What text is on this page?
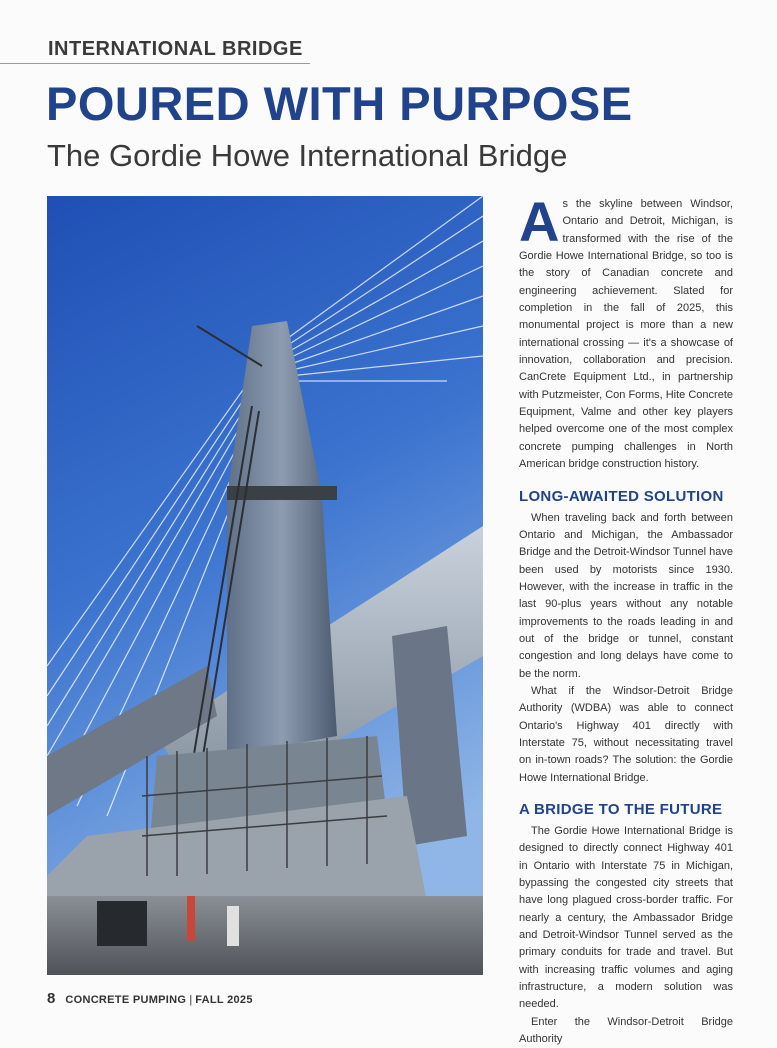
INTERNATIONAL BRIDGE
POURED WITH PURPOSE
The Gordie Howe International Bridge

As the skyline between Windsor, Ontario and Detroit, Michigan, is transformed with the rise of the Gordie Howe International Bridge, so too is the story of Canadian concrete and engineering achievement. Slated for completion in the fall of 2025, this monumental project is more than a new international crossing — it's a showcase of innovation, collaboration and precision. CanCrete Equipment Ltd., in partnership with Putzmeister, Con Forms, Hite Concrete Equipment, Valme and other key players helped overcome one of the most complex concrete pumping challenges in North American bridge construction history.

LONG-AWAITED SOLUTION

When traveling back and forth between Ontario and Michigan, the Ambassador Bridge and the Detroit-Windsor Tunnel have been used by motorists since 1930. However, with the increase in traffic in the last 90-plus years without any notable improvements to the roads leading in and out of the bridge or tunnel, constant congestion and long delays have come to be the norm.

What if the Windsor-Detroit Bridge Authority (WDBA) was able to connect Ontario's Highway 401 directly with Interstate 75, without necessitating travel on in-town roads? The solution: the Gordie Howe International Bridge.

A BRIDGE TO THE FUTURE

The Gordie Howe International Bridge is designed to directly connect Highway 401 in Ontario with Interstate 75 in Michigan, bypassing the congested city streets that have long plagued cross-border traffic. For nearly a century, the Ambassador Bridge and Detroit-Windsor Tunnel served as the primary conduits for trade and travel. But with increasing traffic volumes and aging infrastructure, a modern solution was needed.

Enter the Windsor-Detroit Bridge Authority

8 CONCRETE PUMPING | FALL 2025
